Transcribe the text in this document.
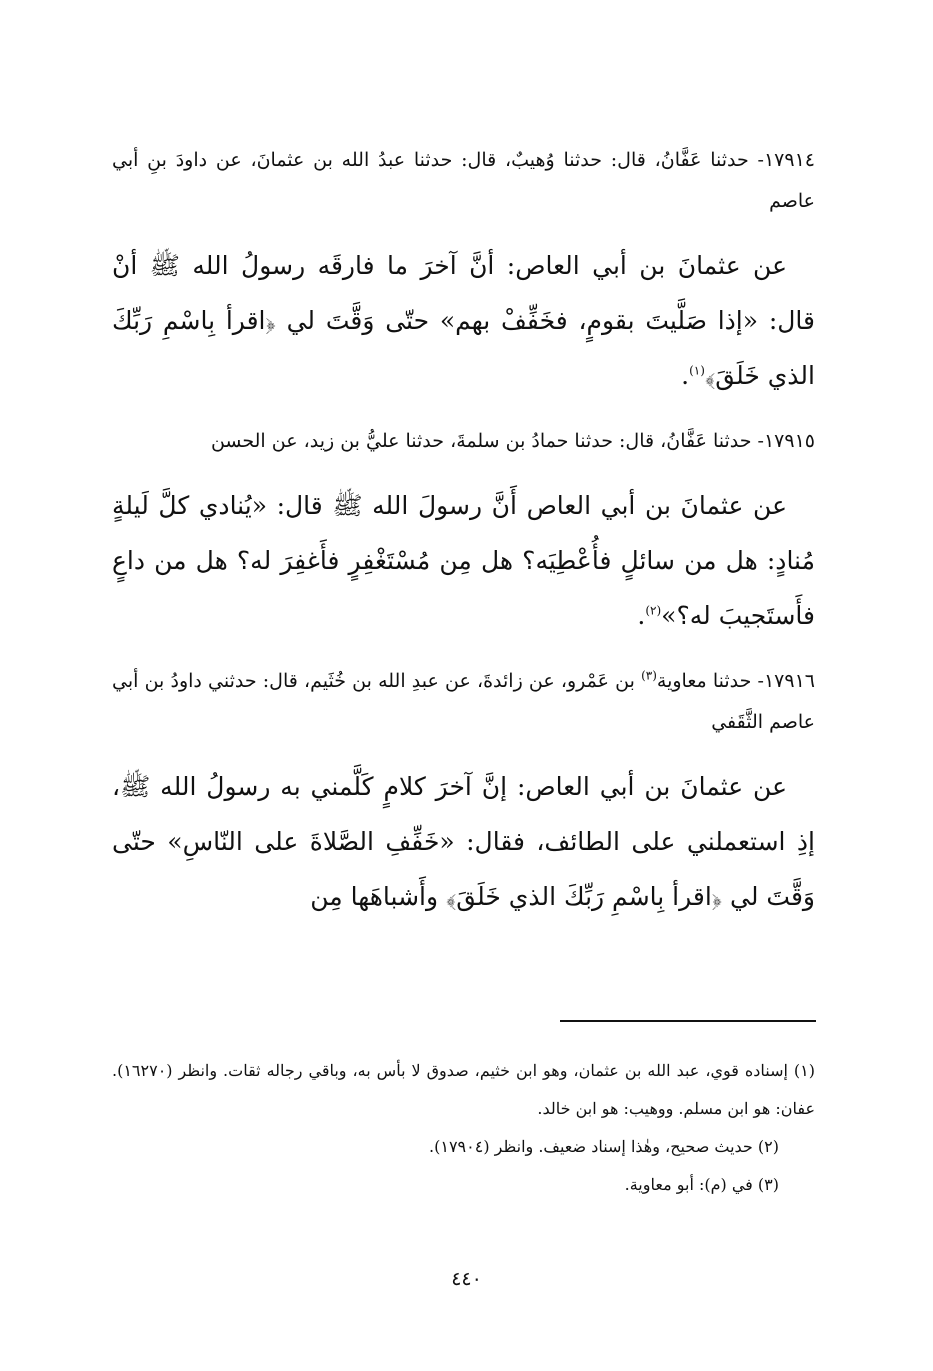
١٧٩١٤- حدثنا عَفَّانُ، قال: حدثنا وُهيبٌ، قال: حدثنا عبدُ الله بن عثمانَ، عن داودَ بنِ أبي عاصم

عن عثمانَ بن أبي العاص: أنَّ آخرَ ما فارقَه رسولُ الله ﷺ أنْ قال: «إذا صَلَّيتَ بقومٍ، فخَفِّفْ بهم» حتّى وَقَّتَ لي ﴿اقرأ بِاسْمِ رَبِّكَ الذي خَلَقَ﴾$^{(١)}$.

١٧٩١٥- حدثنا عَفَّانُ، قال: حدثنا حمادُ بن سلمةَ، حدثنا عليُّ بن زيد، عن الحسن

عن عثمانَ بن أبي العاص أَنَّ رسولَ الله ﷺ قال: «يُنادي كلَّ لَيلةٍ مُنادٍ: هل من سائلٍ فأُعْطِيَه؟ هل مِن مُسْتَغْفِرٍ فأَغفِرَ له؟ هل من داعٍ فأَستَجيبَ له؟»$^{(٢)}$.

١٧٩١٦- حدثنا معاوية$^{(٣)}$ بن عَمْرو، عن زائدةَ، عن عبدِ الله بن خُثَيم، قال: حدثني داودُ بن أبي عاصم الثَّقَفي

عن عثمانَ بن أبي العاص: إنَّ آخرَ كلامٍ كَلَّمني به رسولُ الله ﷺ، إذِ استعملني على الطائف، فقال: «خَفِّفِ الصَّلاةَ على النّاسِ» حتّى وَقَّتَ لي ﴿اقرأ بِاسْمِ رَبِّكَ الذي خَلَقَ﴾ وأَشباهَها مِن

(١) إسناده قوي، عبد الله بن عثمان، وهو ابن خثيم، صدوق لا بأس به، وباقي رجاله ثقات. وانظر (١٦٢٧٠). عفان: هو ابن مسلم. ووهيب: هو ابن خالد.

(٢) حديث صحيح، وهٰذا إسناد ضعيف. وانظر (١٧٩٠٤).

(٣) في (م): أبو معاوية.

٤٤٠
